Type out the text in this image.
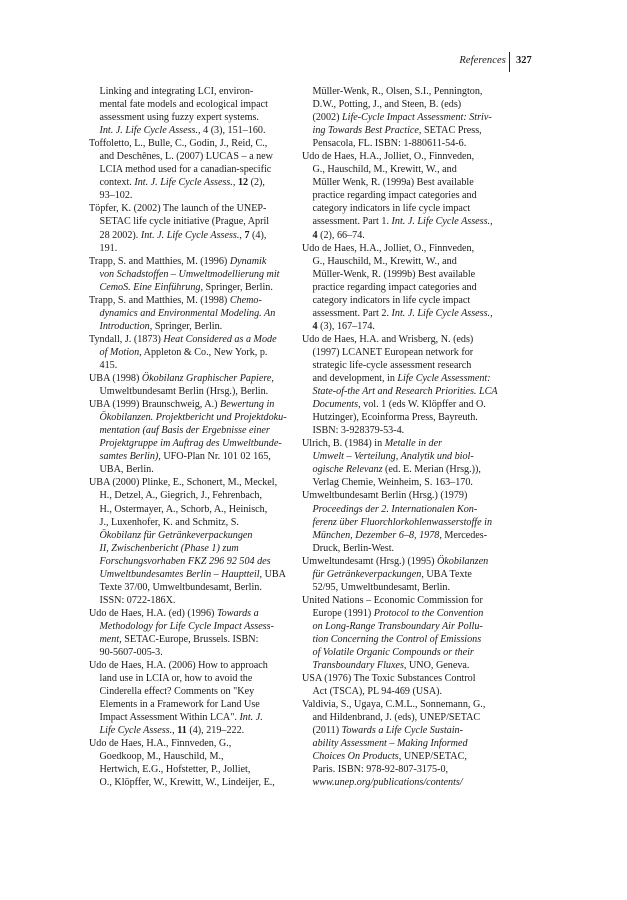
References 327
Linking and integrating LCI, environ-
mental fate models and ecological impact
assessment using fuzzy expert systems.
Int. J. Life Cycle Assess., 4 (3), 151–160.
Toffoletto, L., Bulle, C., Godin, J., Reid, C.,
and Deschênes, L. (2007) LUCAS – a new
LCIA method used for a canadian-specific
context. Int. J. Life Cycle Assess., 12 (2),
93–102.
Töpfer, K. (2002) The launch of the UNEP-
SETAC life cycle initiative (Prague, April
28 2002). Int. J. Life Cycle Assess., 7 (4),
191.
Trapp, S. and Matthies, M. (1996) Dynamik
von Schadstoffen – Umweltmodellierung mit
CemoS. Eine Einführung, Springer, Berlin.
Trapp, S. and Matthies, M. (1998) Chemo-
dynamics and Environmental Modeling. An
Introduction, Springer, Berlin.
Tyndall, J. (1873) Heat Considered as a Mode
of Motion, Appleton & Co., New York, p.
415.
UBA (1998) Ökobilanz Graphischer Papiere,
Umweltbundesamt Berlin (Hrsg.), Berlin.
UBA (1999) Braunschweig, A.) Bewertung in
Ökobilanzen. Projektbericht und Projektdoku-
mentation (auf Basis der Ergebnisse einer
Projektgruppe im Auftrag des Umweltbunde-
samtes Berlin), UFO-Plan Nr. 101 02 165,
UBA, Berlin.
UBA (2000) Plinke, E., Schonert, M., Meckel,
H., Detzel, A., Giegrich, J., Fehrenbach,
H., Ostermayer, A., Schorb, A., Heinisch,
J., Luxenhofer, K. and Schmitz, S.
Ökobilanz für Getränkeverpackungen
II, Zwischenbericht (Phase 1) zum
Forschungsvorhaben FKZ 296 92 504 des
Umweltbundesamtes Berlin – Hauptteil, UBA
Texte 37/00, Umweltbundesamt, Berlin.
ISSN: 0722-186X.
Udo de Haes, H.A. (ed) (1996) Towards a
Methodology for Life Cycle Impact Assess-
ment, SETAC-Europe, Brussels. ISBN:
90-5607-005-3.
Udo de Haes, H.A. (2006) How to approach
land use in LCIA or, how to avoid the
Cinderella effect? Comments on "Key
Elements in a Framework for Land Use
Impact Assessment Within LCA". Int. J.
Life Cycle Assess., 11 (4), 219–222.
Udo de Haes, H.A., Finnveden, G.,
Goedkoop, M., Hauschild, M.,
Hertwich, E.G., Hofstetter, P., Jolliet,
O., Klöpffer, W., Krewitt, W., Lindeijer, E.,
Müller-Wenk, R., Olsen, S.I., Pennington,
D.W., Potting, J., and Steen, B. (eds)
(2002) Life-Cycle Impact Assessment: Striv-
ing Towards Best Practice, SETAC Press,
Pensacola, FL. ISBN: 1-880611-54-6.
Udo de Haes, H.A., Jolliet, O., Finnveden,
G., Hauschild, M., Krewitt, W., and
Müller Wenk, R. (1999a) Best available
practice regarding impact categories and
category indicators in life cycle impact
assessment. Part 1. Int. J. Life Cycle Assess.,
4 (2), 66–74.
Udo de Haes, H.A., Jolliet, O., Finnveden,
G., Hauschild, M., Krewitt, W., and
Müller-Wenk, R. (1999b) Best available
practice regarding impact categories and
category indicators in life cycle impact
assessment. Part 2. Int. J. Life Cycle Assess.,
4 (3), 167–174.
Udo de Haes, H.A. and Wrisberg, N. (eds)
(1997) LCANET European network for
strategic life-cycle assessment research
and development, in Life Cycle Assessment:
State-of-the Art and Research Priorities. LCA
Documents, vol. 1 (eds W. Klöpffer and O.
Hutzinger), Ecoinforma Press, Bayreuth.
ISBN: 3-928379-53-4.
Ulrich, B. (1984) in Metalle in der
Umwelt – Verteilung, Analytik und biol-
ogische Relevanz (ed. E. Merian (Hrsg.)),
Verlag Chemie, Weinheim, S. 163–170.
Umweltbundesamt Berlin (Hrsg.) (1979)
Proceedings der 2. Internationalen Kon-
ferenz über Fluorchlorkohlenwasserstoffe in
München, Dezember 6–8, 1978, Mercedes-
Druck, Berlin-West.
Umweltundesamt (Hrsg.) (1995) Ökobilanzen
für Getränkeverpackungen, UBA Texte
52/95, Umweltbundesamt, Berlin.
United Nations – Economic Commission for
Europe (1991) Protocol to the Convention
on Long-Range Transboundary Air Pollu-
tion Concerning the Control of Emissions
of Volatile Organic Compounds or their
Transboundary Fluxes, UNO, Geneva.
USA (1976) The Toxic Substances Control
Act (TSCA), PL 94-469 (USA).
Valdivia, S., Ugaya, C.M.L., Sonnemann, G.,
and Hildenbrand, J. (eds), UNEP/SETAC
(2011) Towards a Life Cycle Sustain-
ability Assessment – Making Informed
Choices On Products, UNEP/SETAC,
Paris. ISBN: 978-92-807-3175-0,
www.unep.org/publications/contents/
